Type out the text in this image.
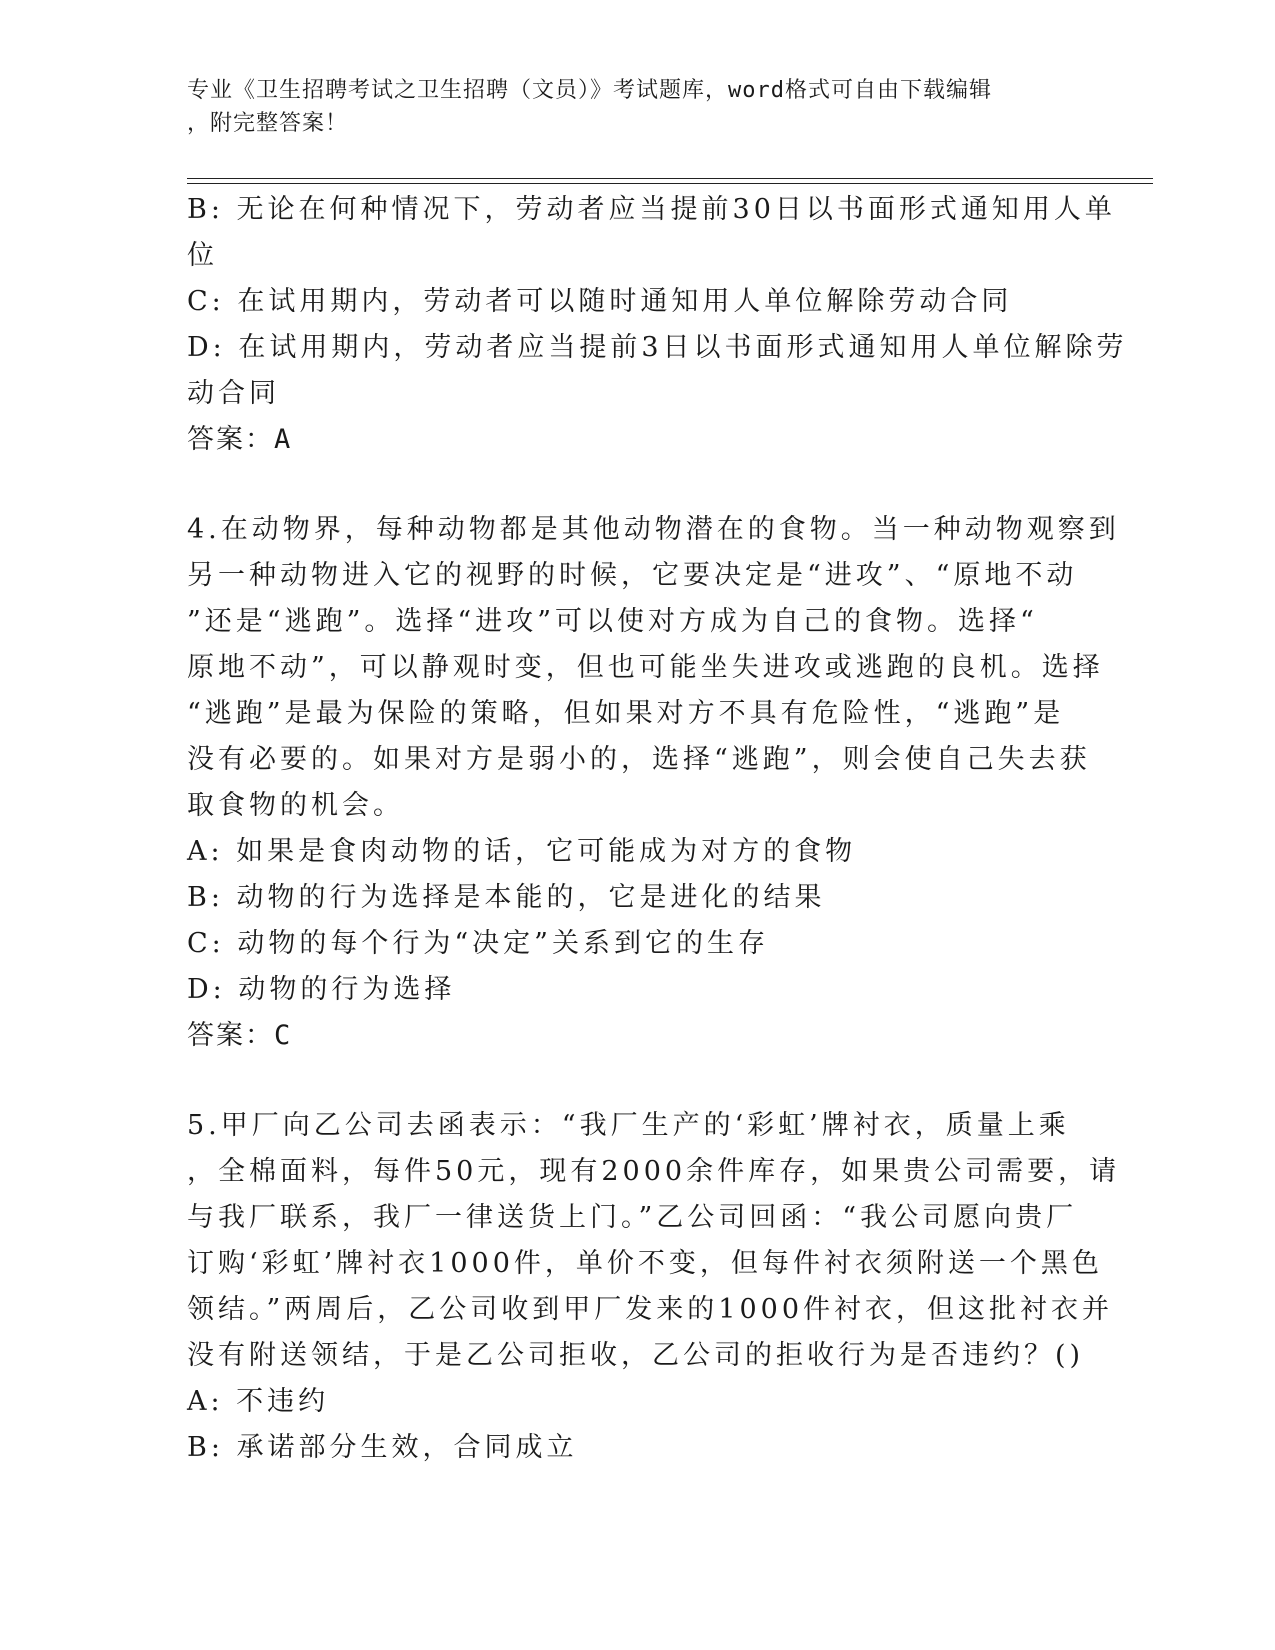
专业《卫生招聘考试之卫生招聘（文员）》考试题库，word格式可自由下载编辑
，附完整答案！
B: 无论在何种情况下，劳动者应当提前30日以书面形式通知用人单
位
C: 在试用期内，劳动者可以随时通知用人单位解除劳动合同
D: 在试用期内，劳动者应当提前3日以书面形式通知用人单位解除劳
动合同
答案：A
4.在动物界，每种动物都是其他动物潜在的食物。当一种动物观察到
另一种动物进入它的视野的时候，它要决定是“进攻”、“原地不动
”还是“逃跑”。选择“进攻”可以使对方成为自己的食物。选择“
原地不动”，可以静观时变，但也可能坐失进攻或逃跑的良机。选择
“逃跑”是最为保险的策略，但如果对方不具有危险性，“逃跑”是
没有必要的。如果对方是弱小的，选择“逃跑”，则会使自己失去获
取食物的机会。
A: 如果是食肉动物的话，它可能成为对方的食物
B: 动物的行为选择是本能的，它是进化的结果
C: 动物的每个行为“决定”关系到它的生存
D: 动物的行为选择
答案：C
5.甲厂向乙公司去函表示：“我厂生产的‘彩虹’牌衬衣，质量上乘
，全棉面料，每件50元，现有2000余件库存，如果贵公司需要，请
与我厂联系，我厂一律送货上门。”乙公司回函：“我公司愿向贵厂
订购‘彩虹’牌衬衣1000件，单价不变，但每件衬衣须附送一个黑色
领结。”两周后，乙公司收到甲厂发来的1000件衬衣，但这批衬衣并
没有附送领结，于是乙公司拒收，乙公司的拒收行为是否违约？()
A: 不违约
B: 承诺部分生效，合同成立
